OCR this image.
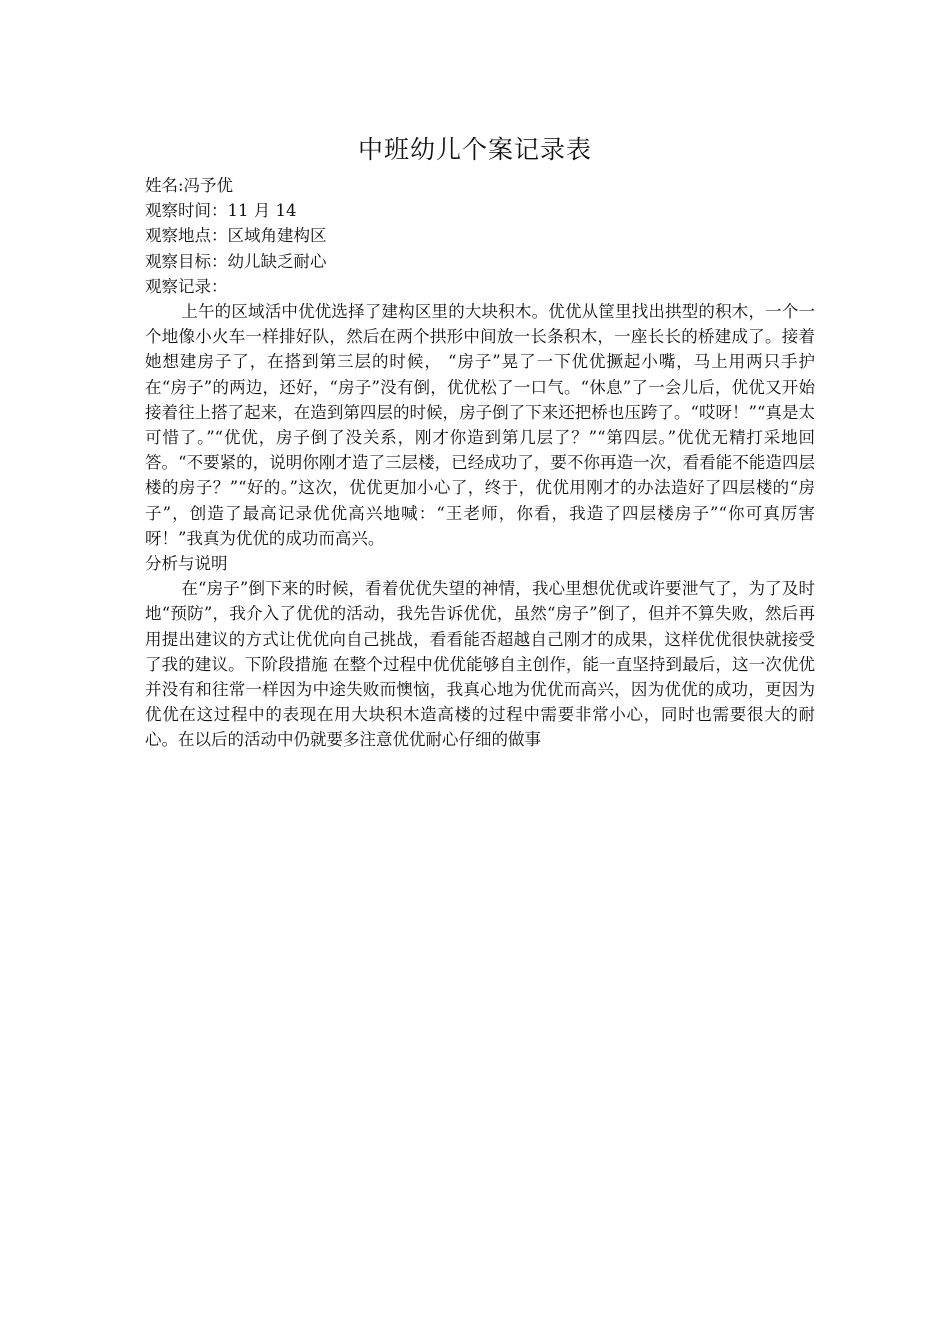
中班幼儿个案记录表

姓名:冯予优

观察时间：11 月 14

观察地点：区域角建构区

观察目标：幼儿缺乏耐心

观察记录：

上午的区域活中优优选择了建构区里的大块积木。优优从筐里找出拱型的积木，一个一个地像小火车一样排好队，然后在两个拱形中间放一长条积木，一座长长的桥建成了。接着她想建房子了，在搭到第三层的时候， “房子”晃了一下优优撅起小嘴，马上用两只手护在“房子”的两边，还好，“房子”没有倒，优优松了一口气。“休息”了一会儿后，优优又开始接着往上搭了起来，在造到第四层的时候，房子倒了下来还把桥也压跨了。“哎呀！”“真是太可惜了。”“优优，房子倒了没关系，刚才你造到第几层了？”“第四层。”优优无精打采地回答。“不要紧的，说明你刚才造了三层楼，已经成功了，要不你再造一次，看看能不能造四层楼的房子？”“好的。”这次，优优更加小心了，终于，优优用刚才的办法造好了四层楼的“房子”，创造了最高记录优优高兴地喊：“王老师，你看，我造了四层楼房子”“你可真厉害呀！”我真为优优的成功而高兴。

分析与说明

在“房子”倒下来的时候，看着优优失望的神情，我心里想优优或许要泄气了，为了及时地“预防”，我介入了优优的活动，我先告诉优优，虽然“房子”倒了，但并不算失败，然后再用提出建议的方式让优优向自己挑战，看看能否超越自己刚才的成果，这样优优很快就接受了我的建议。下阶段措施 在整个过程中优优能够自主创作，能一直坚持到最后，这一次优优并没有和往常一样因为中途失败而懊恼，我真心地为优优而高兴，因为优优的成功，更因为优优在这过程中的表现在用大块积木造高楼的过程中需要非常小心，同时也需要很大的耐心。在以后的活动中仍就要多注意优优耐心仔细的做事
